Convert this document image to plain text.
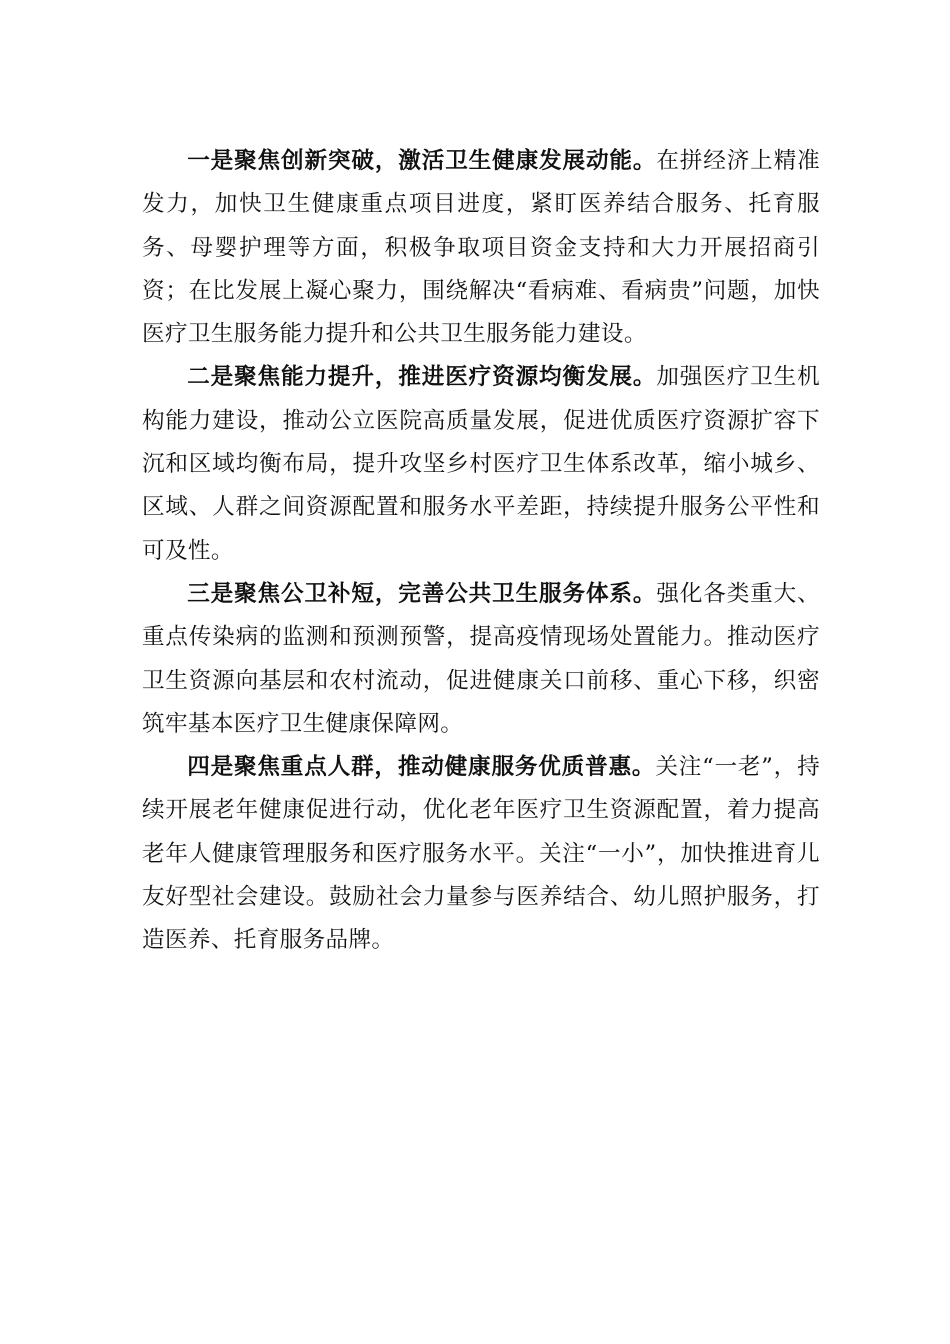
一是聚焦创新突破，激活卫生健康发展动能。在拼经济上精准发力，加快卫生健康重点项目进度，紧盯医养结合服务、托育服务、母婴护理等方面，积极争取项目资金支持和大力开展招商引资；在比发展上凝心聚力，围绕解决“看病难、看病贵”问题，加快医疗卫生服务能力提升和公共卫生服务能力建设。

二是聚焦能力提升，推进医疗资源均衡发展。加强医疗卫生机构能力建设，推动公立医院高质量发展，促进优质医疗资源扩容下沉和区域均衡布局，提升攻坚乡村医疗卫生体系改革，缩小城乡、区域、人群之间资源配置和服务水平差距，持续提升服务公平性和可及性。

三是聚焦公卫补短，完善公共卫生服务体系。强化各类重大、重点传染病的监测和预测预警，提高疫情现场处置能力。推动医疗卫生资源向基层和农村流动，促进健康关口前移、重心下移，织密筑牢基本医疗卫生健康保障网。

四是聚焦重点人群，推动健康服务优质普惠。关注“一老”，持续开展老年健康促进行动，优化老年医疗卫生资源配置，着力提高老年人健康管理服务和医疗服务水平。关注“一小”，加快推进育儿友好型社会建设。鼓励社会力量参与医养结合、幼儿照护服务，打造医养、托育服务品牌。
